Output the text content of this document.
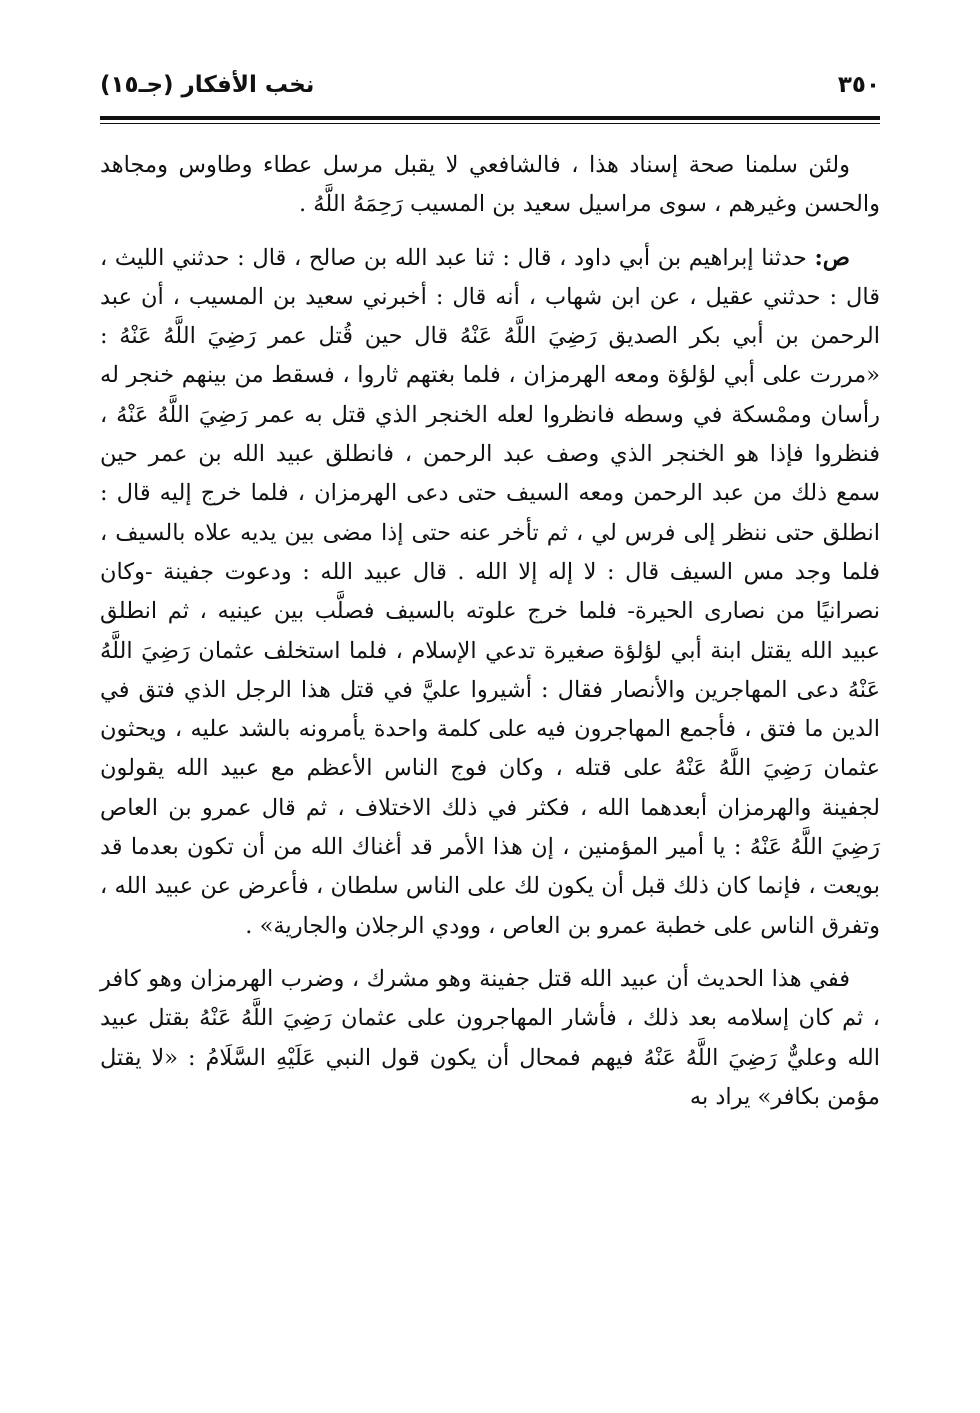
٣٥٠
نخب الأفكار (جـ١٥)

ولئن سلمنا صحة إسناد هذا ، فالشافعي لا يقبل مرسل عطاء وطاوس ومجاهد والحسن وغيرهم ، سوى مراسيل سعيد بن المسيب رَحِمَهُ اللَّهُ .

ص: حدثنا إبراهيم بن أبي داود ، قال : ثنا عبد الله بن صالح ، قال : حدثني الليث ، قال : حدثني عقيل ، عن ابن شهاب ، أنه قال : أخبرني سعيد بن المسيب ، أن عبد الرحمن بن أبي بكر الصديق رَضِيَ اللَّهُ عَنْهُ قال حين قُتل عمر رَضِيَ اللَّهُ عَنْهُ : «مررت على أبي لؤلؤة ومعه الهرمزان ، فلما بغتهم ثاروا ، فسقط من بينهم خنجر له رأسان وممْسكة في وسطه فانظروا لعله الخنجر الذي قتل به عمر رَضِيَ اللَّهُ عَنْهُ ، فنظروا فإذا هو الخنجر الذي وصف عبد الرحمن ، فانطلق عبيد الله بن عمر حين سمع ذلك من عبد الرحمن ومعه السيف حتى دعى الهرمزان ، فلما خرج إليه قال : انطلق حتى ننظر إلى فرس لي ، ثم تأخر عنه حتى إذا مضى بين يديه علاه بالسيف ، فلما وجد مس السيف قال : لا إله إلا الله . قال عبيد الله : ودعوت جفينة -وكان نصرانيًا من نصارى الحيرة- فلما خرج علوته بالسيف فصلَّب بين عينيه ، ثم انطلق عبيد الله يقتل ابنة أبي لؤلؤة صغيرة تدعي الإسلام ، فلما استخلف عثمان رَضِيَ اللَّهُ عَنْهُ دعى المهاجرين والأنصار فقال : أشيروا عليَّ في قتل هذا الرجل الذي فتق في الدين ما فتق ، فأجمع المهاجرون فيه على كلمة واحدة يأمرونه بالشد عليه ، ويحثون عثمان رَضِيَ اللَّهُ عَنْهُ على قتله ، وكان فوج الناس الأعظم مع عبيد الله يقولون لجفينة والهرمزان أبعدهما الله ، فكثر في ذلك الاختلاف ، ثم قال عمرو بن العاص رَضِيَ اللَّهُ عَنْهُ : يا أمير المؤمنين ، إن هذا الأمر قد أغناك الله من أن تكون بعدما قد بويعت ، فإنما كان ذلك قبل أن يكون لك على الناس سلطان ، فأعرض عن عبيد الله ، وتفرق الناس على خطبة عمرو بن العاص ، وودي الرجلان والجارية» .

ففي هذا الحديث أن عبيد الله قتل جفينة وهو مشرك ، وضرب الهرمزان وهو كافر ، ثم كان إسلامه بعد ذلك ، فأشار المهاجرون على عثمان رَضِيَ اللَّهُ عَنْهُ بقتل عبيد الله وعليٌّ رَضِيَ اللَّهُ عَنْهُ فيهم فمحال أن يكون قول النبي عَلَيْهِ السَّلَامُ : «لا يقتل مؤمن بكافر» يراد به
